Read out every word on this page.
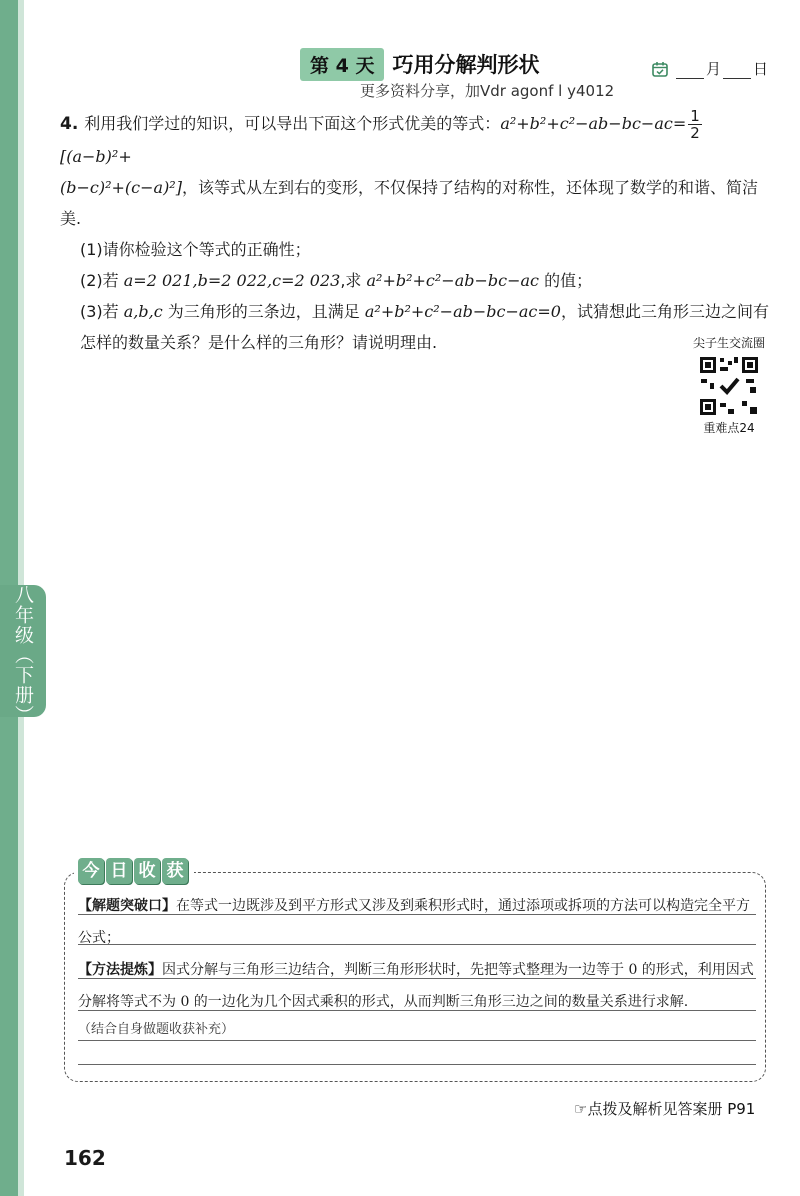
八年级（下册）
第 4 天 巧用分解判形状	月 日
更多资料分享，加Vdr agonf l y4012

4. 利用我们学过的知识，可以导出下面这个形式优美的等式：$a^2+b^2+c^2-ab-bc-ac= \frac{1}{2}$
[(a−b)²+

(b−c)²+(c−a)²]，该等式从左到右的变形，不仅保持了结构的对称性，还体现了数学的和谐、简洁美.

(1)请你检验这个等式的正确性；

(2)若 a=2 021,b=2 022,c=2 023,求 a²+b²+c²−ab−bc−ac 的值；

(3)若 a,b,c 为三角形的三条边，且满足 a²+b²+c²−ab−bc−ac=0，试猜想此三角形三边之间有怎样的数量关系？是什么样的三角形？请说明理由.	尖子生交流圈
重难点24
今 日 收 获
【解题突破口】在等式一边既涉及到平方形式又涉及到乘积形式时，通过添项或拆项的方法可以构造完全平方公式；
【方法提炼】因式分解与三角形三边结合，判断三角形形状时，先把等式整理为一边等于 0 的形式，利用因式分解将等式不为 0 的一边化为几个因式乘积的形式，从而判断三角形三边之间的数量关系进行求解.
（结合自身做题收获补充）
☞点拨及解析见答案册 P91
162
